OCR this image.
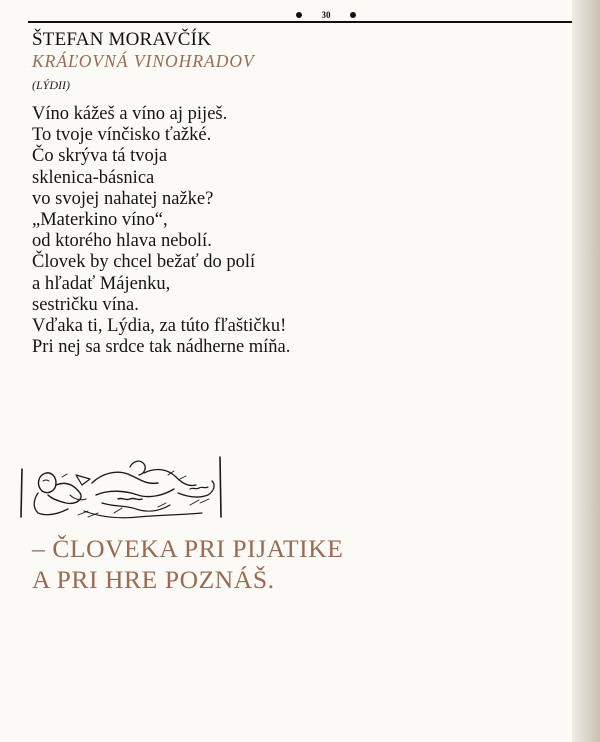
30
ŠTEFAN MORAVČÍK
KRÁĽOVNÁ VINOHRADOV
(LÝDII)
Víno kážeš a víno aj piješ.
To tvoje vínčisko ťažké.
Čo skrýva tá tvoja
sklenica-básnica
vo svojej nahatej nažke?
„Materkino víno“,
od ktorého hlava nebolí.
Človek by chcel bežať do polí
a hľadať Májenku,
sestričku vína.
Vďaka ti, Lýdia, za túto fľaštičku!
Pri nej sa srdce tak nádherne míňa.
– ČLOVEKA PRI PIJATIKE
A PRI HRE POZNÁŠ.
